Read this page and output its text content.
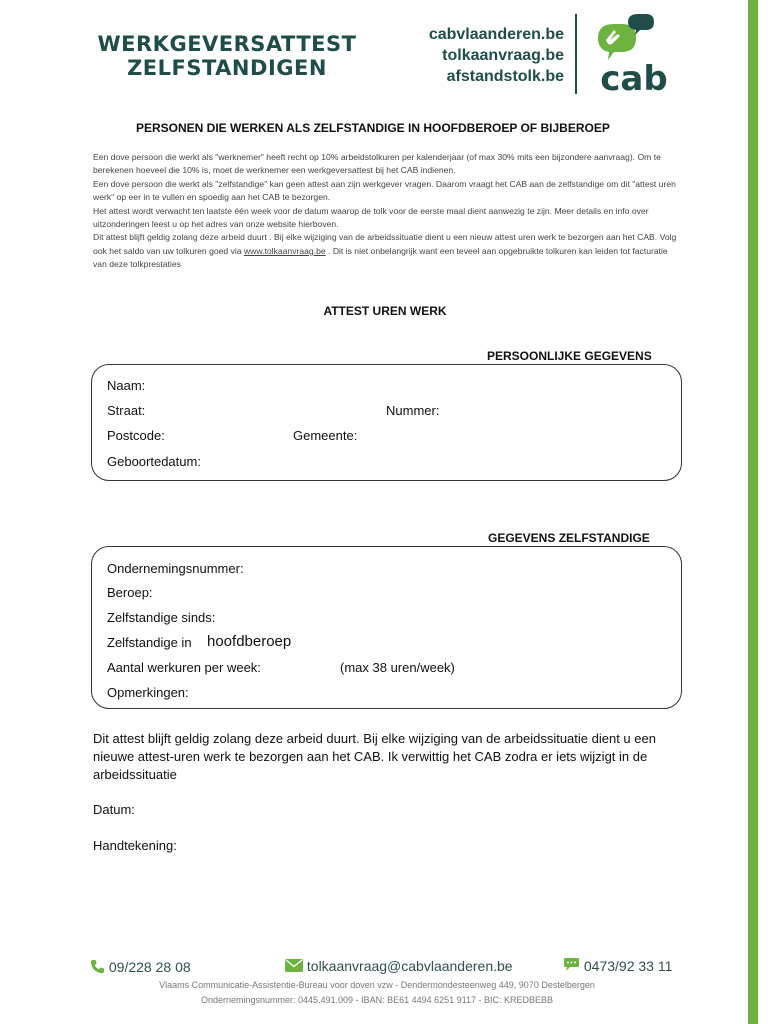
WERKGEVERSATTEST
ZELFSTANDIGEN
cabvlaanderen.be
tolkaanvraag.be
afstandstolk.be cab
PERSONEN DIE WERKEN ALS ZELFSTANDIGE IN HOOFDBEROEP OF BIJBEROEP

Een dove persoon die werkt als "werknemer" heeft recht op 10% arbeidstolkuren per kalenderjaar (of max 30% mits een bijzondere aanvraag). Om te berekenen hoeveel die 10% is, moet de werknemer een werkgeversattest bij het CAB indienen.

Een dove persoon die werkt als "zelfstandige" kan geen attest aan zijn werkgever vragen. Daarom vraagt het CAB aan de zelfstandige om dit "attest uren werk" op eer in te vullen en spoedig aan het CAB te bezorgen.

Het attest wordt verwacht ten laatste één week voor de datum waarop de tolk voor de eerste maal dient aanwezig te zijn. Meer details en info over uitzonderingen leest u op het adres van onze website hierboven.

Dit attest blijft geldig zolang deze arbeid duurt . Bij elke wijziging van de arbeidssituatie dient u een nieuw attest uren werk te bezorgen aan het CAB. Volg ook het saldo van uw tolkuren goed via www.tolkaanvraag.be . Dit is niet onbelangrijk want een teveel aan opgebruikte tolkuren kan leiden tot facturatie van deze tolkprestaties

ATTEST UREN WERK
PERSOONLIJKE GEGEVENS
Naam:
Straat:	Nummer:
Postcode:	Gemeente:
Geboortedatum:
GEGEVENS ZELFSTANDIGE
Ondernemingsnummer:
Beroep:
Zelfstandige sinds:
Zelfstandige in hoofdberoep
Aantal werkuren per week:	(max 38 uren/week)
Opmerkingen:
Dit attest blijft geldig zolang deze arbeid duurt. Bij elke wijziging van de arbeidssituatie dient u een nieuwe attest-uren werk te bezorgen aan het CAB. Ik verwittig het CAB zodra er iets wijzigt in de arbeidssituatie
Datum:
Handtekening:
09/228 28 08	tolkaanvraag@cabvlaanderen.be	0473/92 33 11
Vlaams Communicatie-Assistentie-Bureau voor doven vzw - Dendermondesteenweg 449, 9070 Destelbergen
Ondernemingsnummer: 0445.491.009 - IBAN: BE61 4494 6251 9117 - BIC: KREDBEBB
